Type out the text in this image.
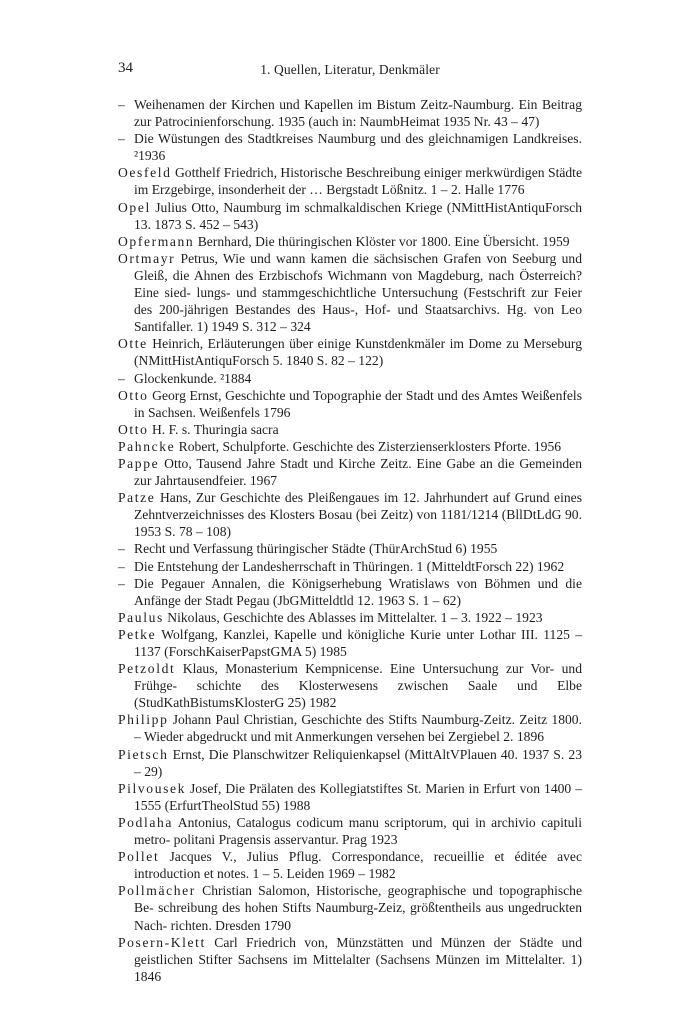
34	1. Quellen, Literatur, Denkmäler
– Weihenamen der Kirchen und Kapellen im Bistum Zeitz-Naumburg. Ein Beitrag zur Patrocinienforschung. 1935 (auch in: NaumbHeimat 1935 Nr. 43 – 47)
– Die Wüstungen des Stadtkreises Naumburg und des gleichnamigen Landkreises. ²1936
Oesfeld Gotthelf Friedrich, Historische Beschreibung einiger merkwürdigen Städte im Erzgebirge, insonderheit der … Bergstadt Lößnitz. 1 – 2. Halle 1776
Opel Julius Otto, Naumburg im schmalkaldischen Kriege (NMittHistAntiquForsch 13. 1873 S. 452 – 543)
Opfermann Bernhard, Die thüringischen Klöster vor 1800. Eine Übersicht. 1959
Ortmayr Petrus, Wie und wann kamen die sächsischen Grafen von Seeburg und Gleiß, die Ahnen des Erzbischofs Wichmann von Magdeburg, nach Österreich? Eine sied- lungs- und stammgeschichtliche Untersuchung (Festschrift zur Feier des 200-jährigen Bestandes des Haus-, Hof- und Staatsarchivs. Hg. von Leo Santifaller. 1) 1949 S. 312 – 324
Otte Heinrich, Erläuterungen über einige Kunstdenkmäler im Dome zu Merseburg (NMittHistAntiquForsch 5. 1840 S. 82 – 122)
– Glockenkunde. ²1884
Otto Georg Ernst, Geschichte und Topographie der Stadt und des Amtes Weißenfels in Sachsen. Weißenfels 1796
Otto H. F. s. Thuringia sacra
Pahncke Robert, Schulpforte. Geschichte des Zisterzienserklosters Pforte. 1956
Pappe Otto, Tausend Jahre Stadt und Kirche Zeitz. Eine Gabe an die Gemeinden zur Jahrtausendfeier. 1967
Patze Hans, Zur Geschichte des Pleißengaues im 12. Jahrhundert auf Grund eines Zehntverzeichnisses des Klosters Bosau (bei Zeitz) von 1181/1214 (BllDtLdG 90. 1953 S. 78 – 108)
– Recht und Verfassung thüringischer Städte (ThürArchStud 6) 1955
– Die Entstehung der Landesherrschaft in Thüringen. 1 (MitteldtForsch 22) 1962
– Die Pegauer Annalen, die Königserhebung Wratislaws von Böhmen und die Anfänge der Stadt Pegau (JbGMitteldtld 12. 1963 S. 1 – 62)
Paulus Nikolaus, Geschichte des Ablasses im Mittelalter. 1 – 3. 1922 – 1923
Petke Wolfgang, Kanzlei, Kapelle und königliche Kurie unter Lothar III. 1125 – 1137 (ForschKaiserPapstGMA 5) 1985
Petzoldt Klaus, Monasterium Kempnicense. Eine Untersuchung zur Vor- und Frühge- schichte des Klosterwesens zwischen Saale und Elbe (StudKathBistumsKlosterG 25) 1982
Philipp Johann Paul Christian, Geschichte des Stifts Naumburg-Zeitz. Zeitz 1800. – Wieder abgedruckt und mit Anmerkungen versehen bei Zergiebel 2. 1896
Pietsch Ernst, Die Planschwitzer Reliquienkapsel (MittAltVPlauen 40. 1937 S. 23 – 29)
Pilvousek Josef, Die Prälaten des Kollegiatstiftes St. Marien in Erfurt von 1400 – 1555 (ErfurtTheolStud 55) 1988
Podlaha Antonius, Catalogus codicum manu scriptorum, qui in archivio capituli metro- politani Pragensis asservantur. Prag 1923
Pollet Jacques V., Julius Pflug. Correspondance, recueillie et éditée avec introduction et notes. 1 – 5. Leiden 1969 – 1982
Pollmächer Christian Salomon, Historische, geographische und topographische Be- schreibung des hohen Stifts Naumburg-Zeiz, größtentheils aus ungedruckten Nach- richten. Dresden 1790
Posern-Klett Carl Friedrich von, Münzstätten und Münzen der Städte und geistlichen Stifter Sachsens im Mittelalter (Sachsens Münzen im Mittelalter. 1) 1846
